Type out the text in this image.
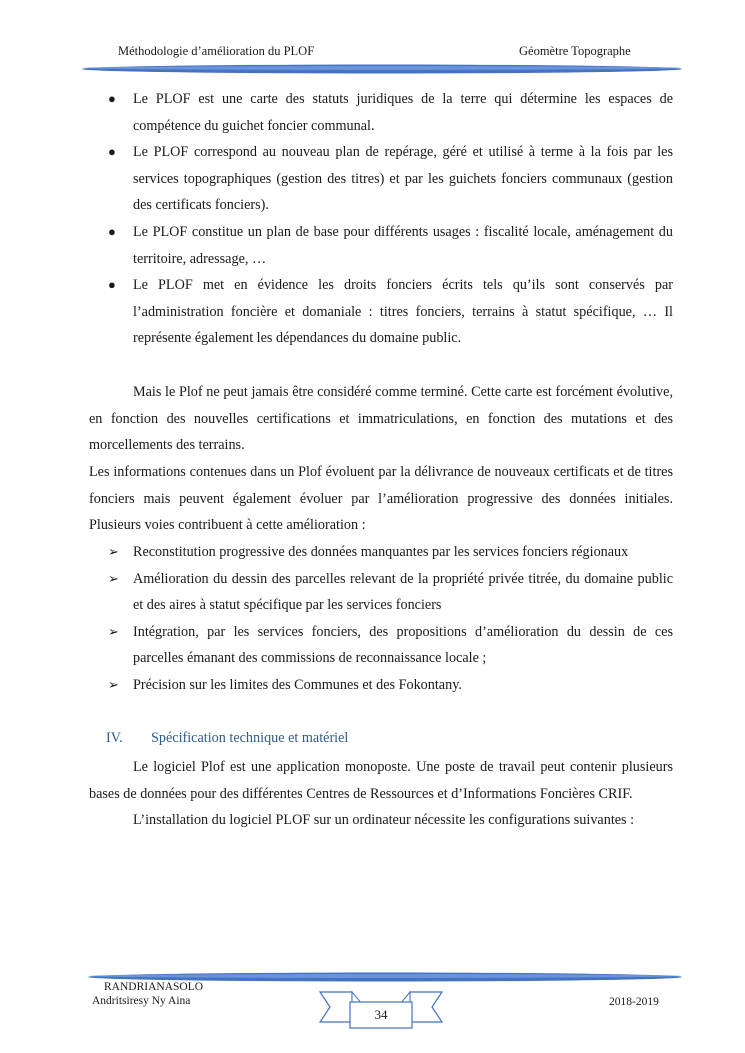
Méthodologie d’amélioration du PLOF	Géomètre Topographe
● Le PLOF est une carte des statuts juridiques de la terre qui détermine les espaces de compétence du guichet foncier communal.
● Le PLOF correspond au nouveau plan de repérage, géré et utilisé à terme à la fois par les services topographiques (gestion des titres) et par les guichets fonciers communaux (gestion des certificats fonciers).
● Le PLOF constitue un plan de base pour différents usages : fiscalité locale, aménagement du territoire, adressage, …
● Le PLOF met en évidence les droits fonciers écrits tels qu’ils sont conservés par l’administration foncière et domaniale : titres fonciers, terrains à statut spécifique, … Il représente également les dépendances du domaine public.
Mais le Plof ne peut jamais être considéré comme terminé. Cette carte est forcément évolutive, en fonction des nouvelles certifications et immatriculations, en fonction des mutations et des morcellements des terrains.
Les informations contenues dans un Plof évoluent par la délivrance de nouveaux certificats et de titres fonciers mais peuvent également évoluer par l’amélioration progressive des données initiales. Plusieurs voies contribuent à cette amélioration :
➢ Reconstitution progressive des données manquantes par les services fonciers régionaux
➢ Amélioration du dessin des parcelles relevant de la propriété privée titrée, du domaine public et des aires à statut spécifique par les services fonciers
➢ Intégration, par les services fonciers, des propositions d’amélioration du dessin de ces parcelles émanant des commissions de reconnaissance locale ;
➢ Précision sur les limites des Communes et des Fokontany.
IV. Spécification technique et matériel
Le logiciel Plof est une application monoposte. Une poste de travail peut contenir plusieurs bases de données pour des différentes Centres de Ressources et d’Informations Foncières CRIF.
L’installation du logiciel PLOF sur un ordinateur nécessite les configurations suivantes :
RANDRIANASOLO
Andritsiresy Ny Aina	2018-2019
34
